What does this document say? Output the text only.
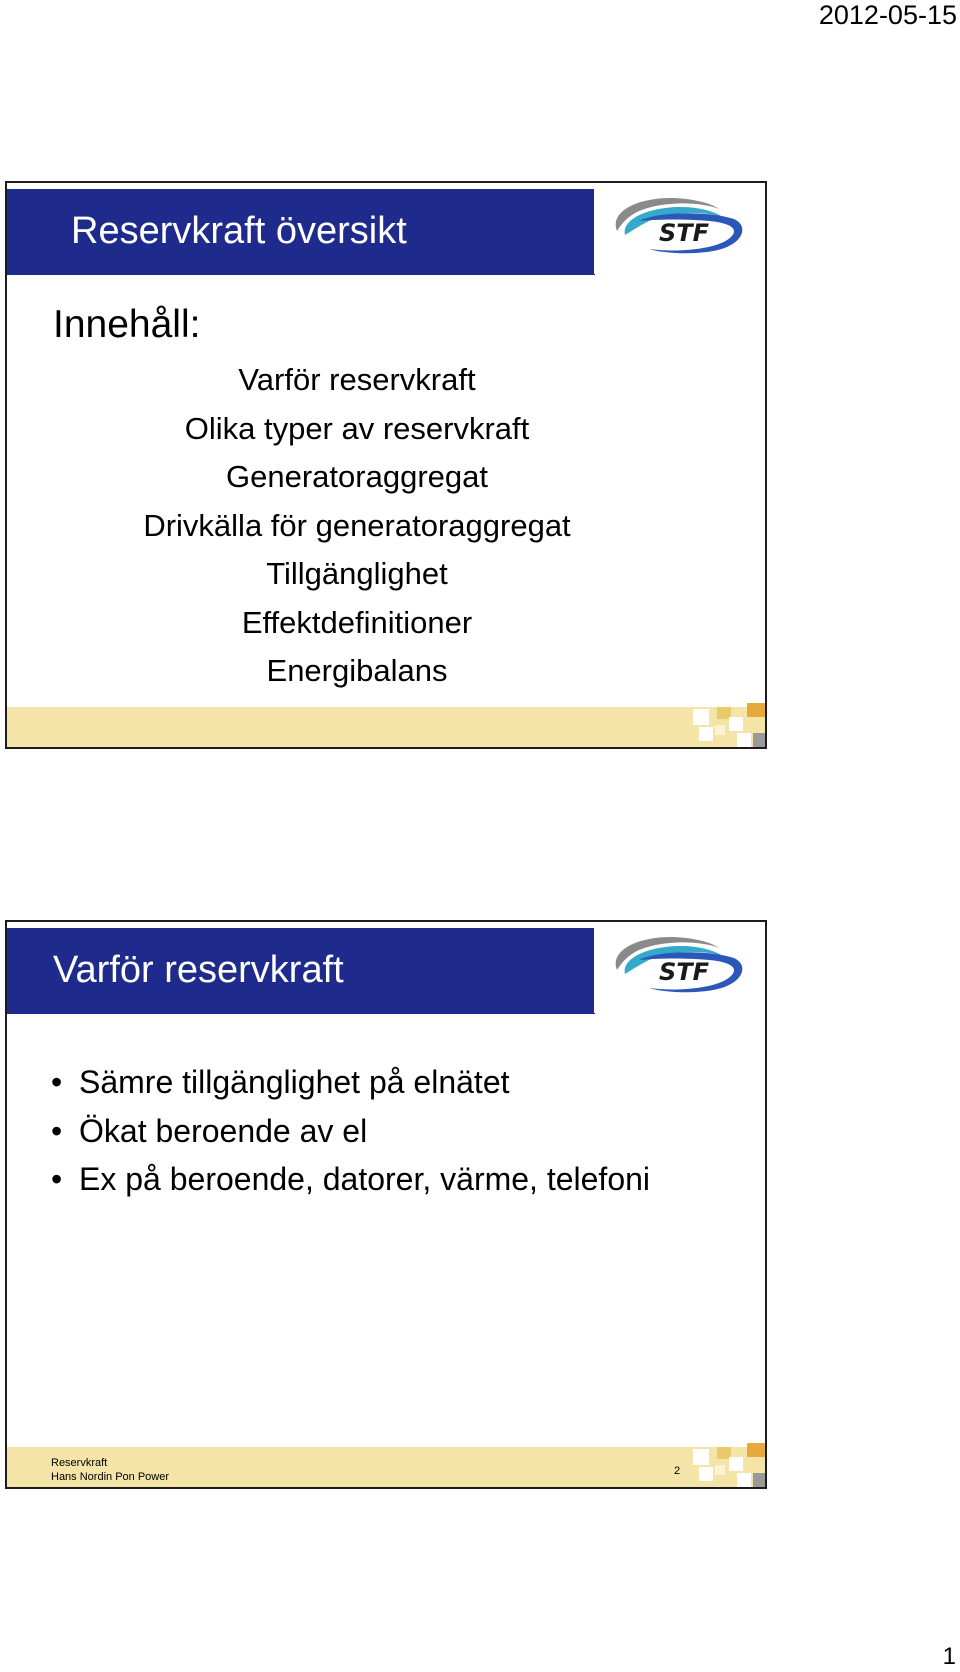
2012-05-15
Reservkraft översikt	STF
Innehåll:
Varför reservkraft
Olika typer av reservkraft
Generatoraggregat
Drivkälla för generatoraggregat
Tillgänglighet
Effektdefinitioner
Energibalans
Varför reservkraft	STF
• Sämre tillgänglighet på elnätet
• Ökat beroende av el
• Ex på beroende, datorer, värme, telefoni
Reservkraft
Hans Nordin Pon Power	2
1
